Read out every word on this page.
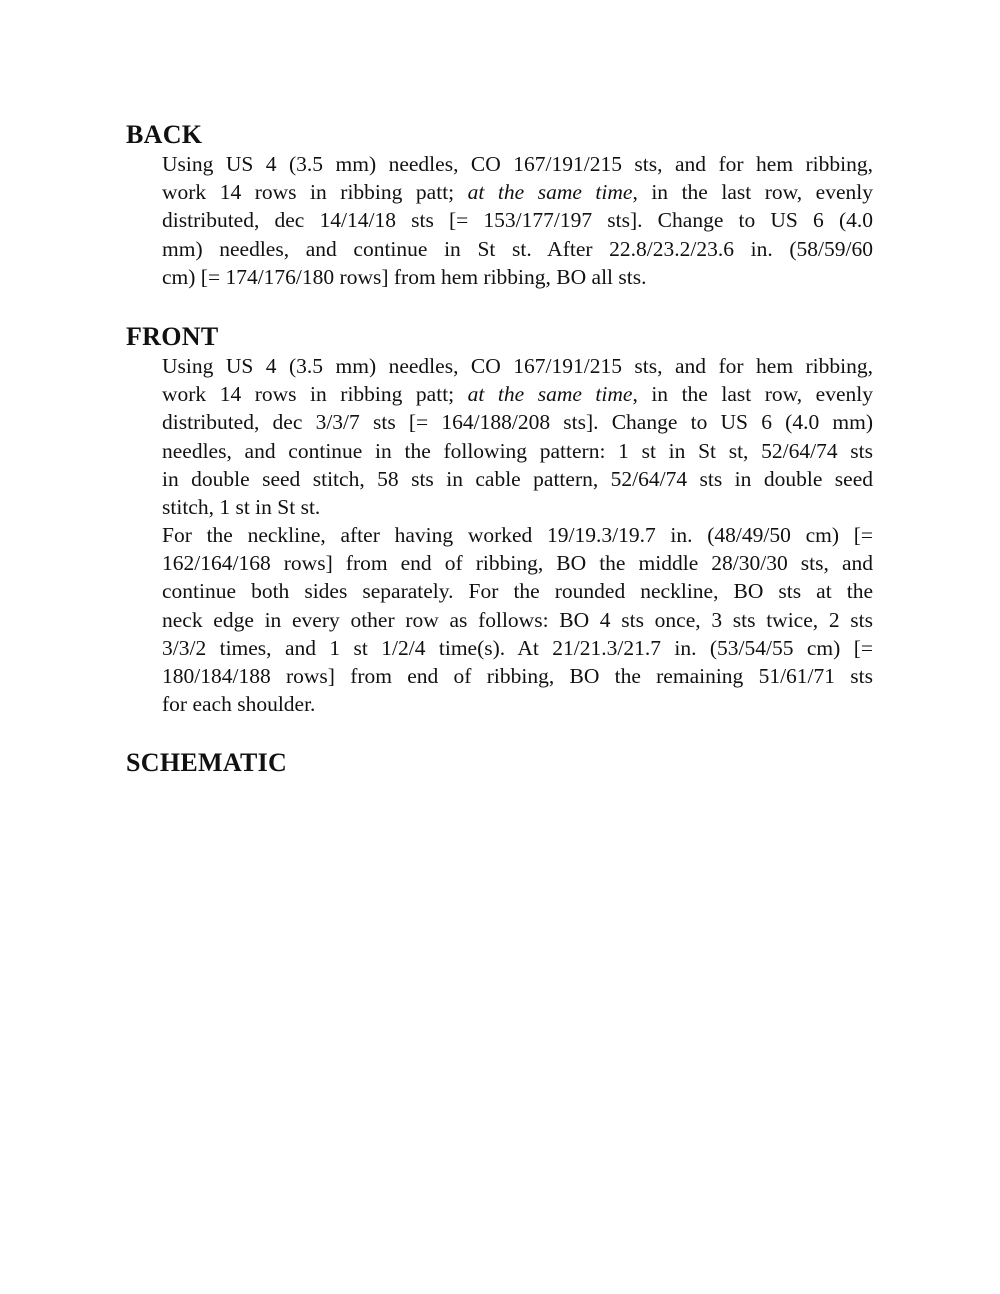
BACK
Using US 4 (3.5 mm) needles, CO 167/191/215 sts, and for hem ribbing,
work 14 rows in ribbing patt; at the same time, in the last row, evenly
distributed, dec 14/14/18 sts [= 153/177/197 sts]. Change to US 6 (4.0
mm) needles, and continue in St st. After 22.8/23.2/23.6 in. (58/59/60
cm) [= 174/176/180 rows] from hem ribbing, BO all sts.
FRONT
Using US 4 (3.5 mm) needles, CO 167/191/215 sts, and for hem ribbing,
work 14 rows in ribbing patt; at the same time, in the last row, evenly
distributed, dec 3/3/7 sts [= 164/188/208 sts]. Change to US 6 (4.0 mm)
needles, and continue in the following pattern: 1 st in St st, 52/64/74 sts
in double seed stitch, 58 sts in cable pattern, 52/64/74 sts in double seed
stitch, 1 st in St st.
For the neckline, after having worked 19/19.3/19.7 in. (48/49/50 cm) [=
162/164/168 rows] from end of ribbing, BO the middle 28/30/30 sts, and
continue both sides separately. For the rounded neckline, BO sts at the
neck edge in every other row as follows: BO 4 sts once, 3 sts twice, 2 sts
3/3/2 times, and 1 st 1/2/4 time(s). At 21/21.3/21.7 in. (53/54/55 cm) [=
180/184/188 rows] from end of ribbing, BO the remaining 51/61/71 sts
for each shoulder.
SCHEMATIC
